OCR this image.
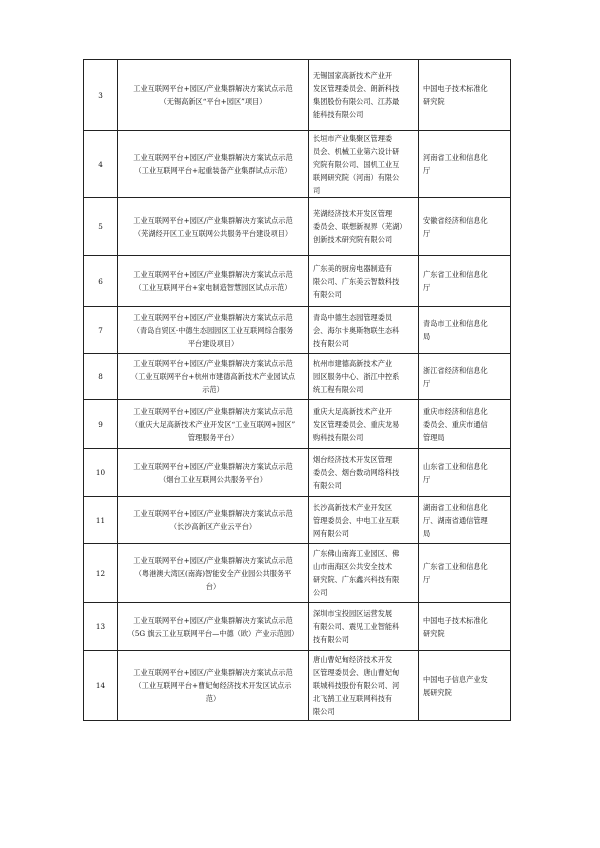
3	工业互联网平台+园区/产业集群解决方案试点示范
（无锡高新区“平台+园区”项目）	无锡国家高新技术产业开
发区管理委员会、朗新科技
集团股份有限公司、江苏最
能科技有限公司	中国电子技术标准化
研究院

4	工业互联网平台+园区/产业集群解决方案试点示范
（工业互联网平台+起重装备产业集群试点示范）	长垣市产业集聚区管理委
员会、机械工业第六设计研
究院有限公司、国机工业互
联网研究院（河南）有限公
司	河南省工业和信息化
厅

5	工业互联网平台+园区/产业集群解决方案试点示范
（芜湖经开区工业互联网公共服务平台建设项目）	芜湖经济技术开发区管理
委员会、联想新视界（芜湖）
创新技术研究院有限公司	安徽省经济和信息化
厅

6	工业互联网平台+园区/产业集群解决方案试点示范
（工业互联网平台+家电制造智慧园区试点示范）	广东美的厨房电器制造有
限公司、广东美云智数科技
有限公司	广东省工业和信息化
厅

7	工业互联网平台+园区/产业集群解决方案试点示范
（青岛自贸区·中德生态园园区工业互联网综合服务
平台建设项目）	青岛中德生态园管理委员
会、海尔卡奥斯物联生态科
技有限公司	青岛市工业和信息化
局

8	工业互联网平台+园区/产业集群解决方案试点示范
（工业互联网平台+杭州市建德高新技术产业园试点
示范）	杭州市建德高新技术产业
园区服务中心、浙江中控系
统工程有限公司	浙江省经济和信息化
厅

9	工业互联网平台+园区/产业集群解决方案试点示范
（重庆大足高新技术产业开发区“工业互联网+园区”
管理服务平台）	重庆大足高新技术产业开
发区管理委员会、重庆龙易
购科技有限公司	重庆市经济和信息化
委员会、重庆市通信
管理局

10	工业互联网平台+园区/产业集群解决方案试点示范
（烟台工业互联网公共服务平台）	烟台经济技术开发区管理
委员会、烟台数动网络科技
有限公司	山东省工业和信息化
厅

11	工业互联网平台+园区/产业集群解决方案试点示范
（长沙高新区产业云平台）	长沙高新技术产业开发区
管理委员会、中电工业互联
网有限公司	湖南省工业和信息化
厅、湖南省通信管理
局

12	工业互联网平台+园区/产业集群解决方案试点示范
（粤港澳大湾区(南海)智能安全产业园公共服务平
台）	广东佛山南海工业园区、佛
山市南海区公共安全技术
研究院、广东鑫兴科技有限
公司	广东省工业和信息化
厅

13	工业互联网平台+园区/产业集群解决方案试点示范
（5G 旗云工业互联网平台—中德（欧）产业示范园）	深圳市宝投园区运营发展
有限公司、震见工业智能科
技有限公司	中国电子技术标准化
研究院

14	工业互联网平台+园区/产业集群解决方案试点示范
（工业互联网平台+曹妃甸经济技术开发区试点示
范）	唐山曹妃甸经济技术开发
区管理委员会、唐山曹妃甸
联城科技股份有限公司、河
北飞鹄工业互联网科技有
限公司	中国电子信息产业发
展研究院
